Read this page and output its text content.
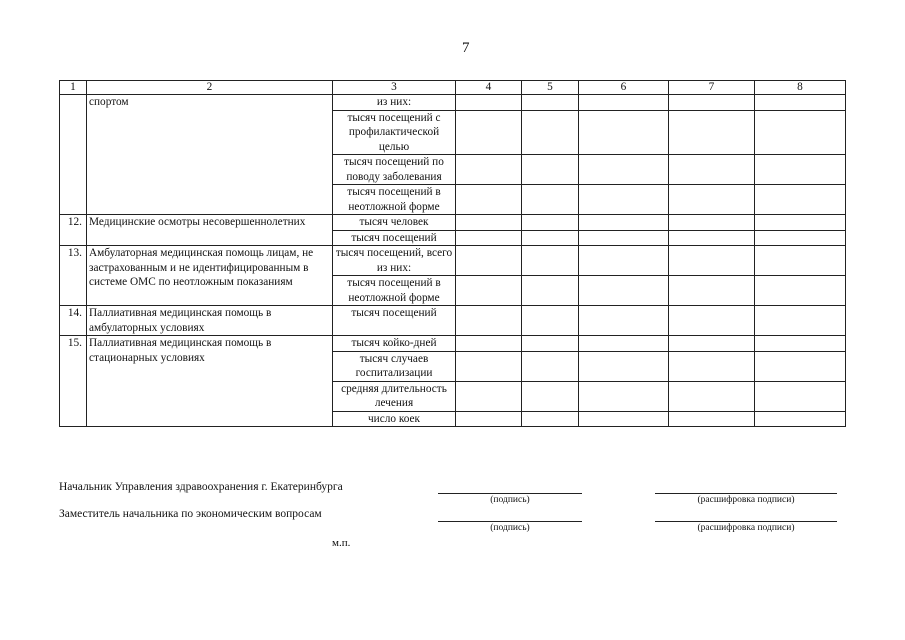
7
1	2	3	4	5	6	7	8
	спортом	из них:					
		тысяч посещений с профилактической целью					
		тысяч посещений по поводу заболевания					
		тысяч посещений в неотложной форме					
12.	Медицинские осмотры несовершеннолетних	тысяч человек					
		тысяч посещений					
13.	Амбулаторная медицинская помощь лицам, не застрахованным и не идентифицированным в системе ОМС по неотложным показаниям	тысяч посещений, всего из них:					
		тысяч посещений в неотложной форме					
14.	Паллиативная медицинская помощь в амбулаторных условиях	тысяч посещений					
15.	Паллиативная медицинская помощь в стационарных условиях	тысяч койко-дней					
		тысяч случаев госпитализации					
		средняя длительность лечения					
		число коек					
Начальник Управления здравоохранения г. Екатеринбурга
(подпись)	(расшифровка подписи)
Заместитель начальника по экономическим вопросам
(подпись)	(расшифровка подписи)
м.п.
